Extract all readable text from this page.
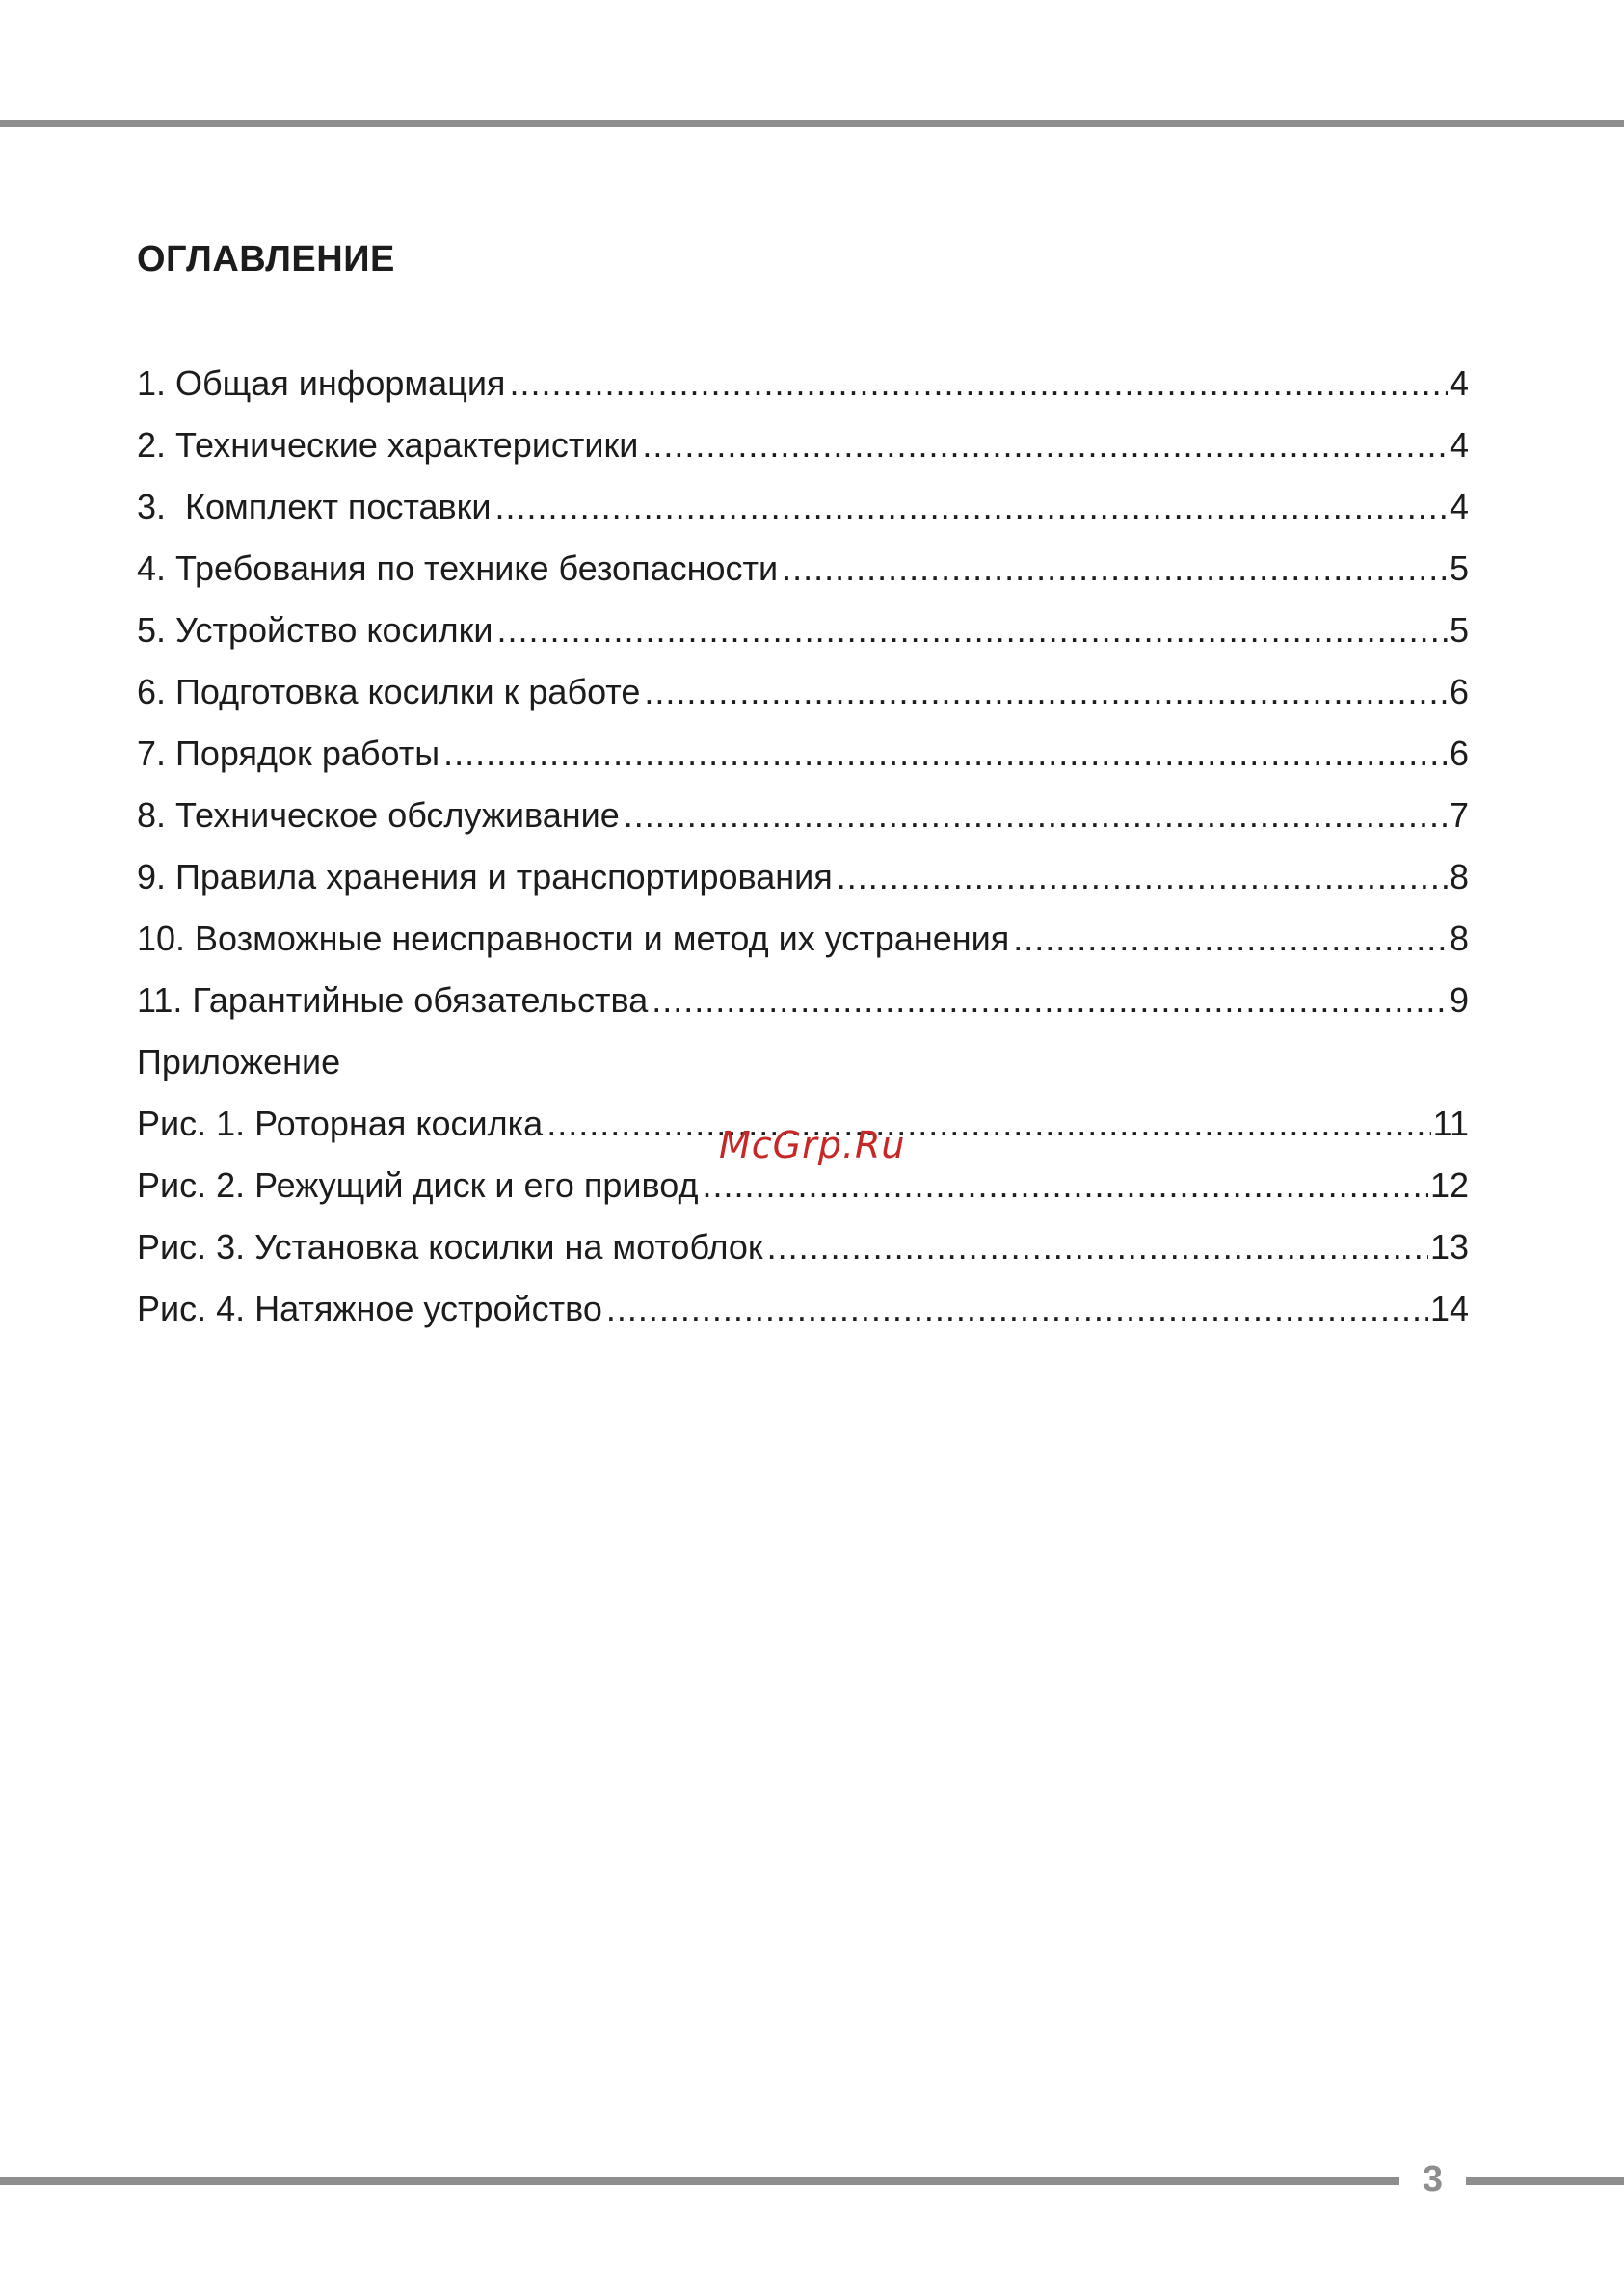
ОГЛАВЛЕНИЕ
1. Общая информация .....	4
2. Технические характеристики .....	4
3.  Комплект поставки .....	4
4. Требования по технике безопасности .....	5
5. Устройство косилки .....	5
6. Подготовка косилки к работе .....	6
7. Порядок работы .....	6
8. Техническое обслуживание .....	7
9. Правила хранения и транспортирования .....	8
10. Возможные неисправности и метод их устранения .....	8
11. Гарантийные обязательства .....	9
Приложение
Рис. 1. Роторная косилка .....	11
Рис. 2. Режущий диск и его привод .....	12
Рис. 3. Установка косилки на мотоблок .....	13
Рис. 4. Натяжное устройство .....	14
McGrp.Ru
3
